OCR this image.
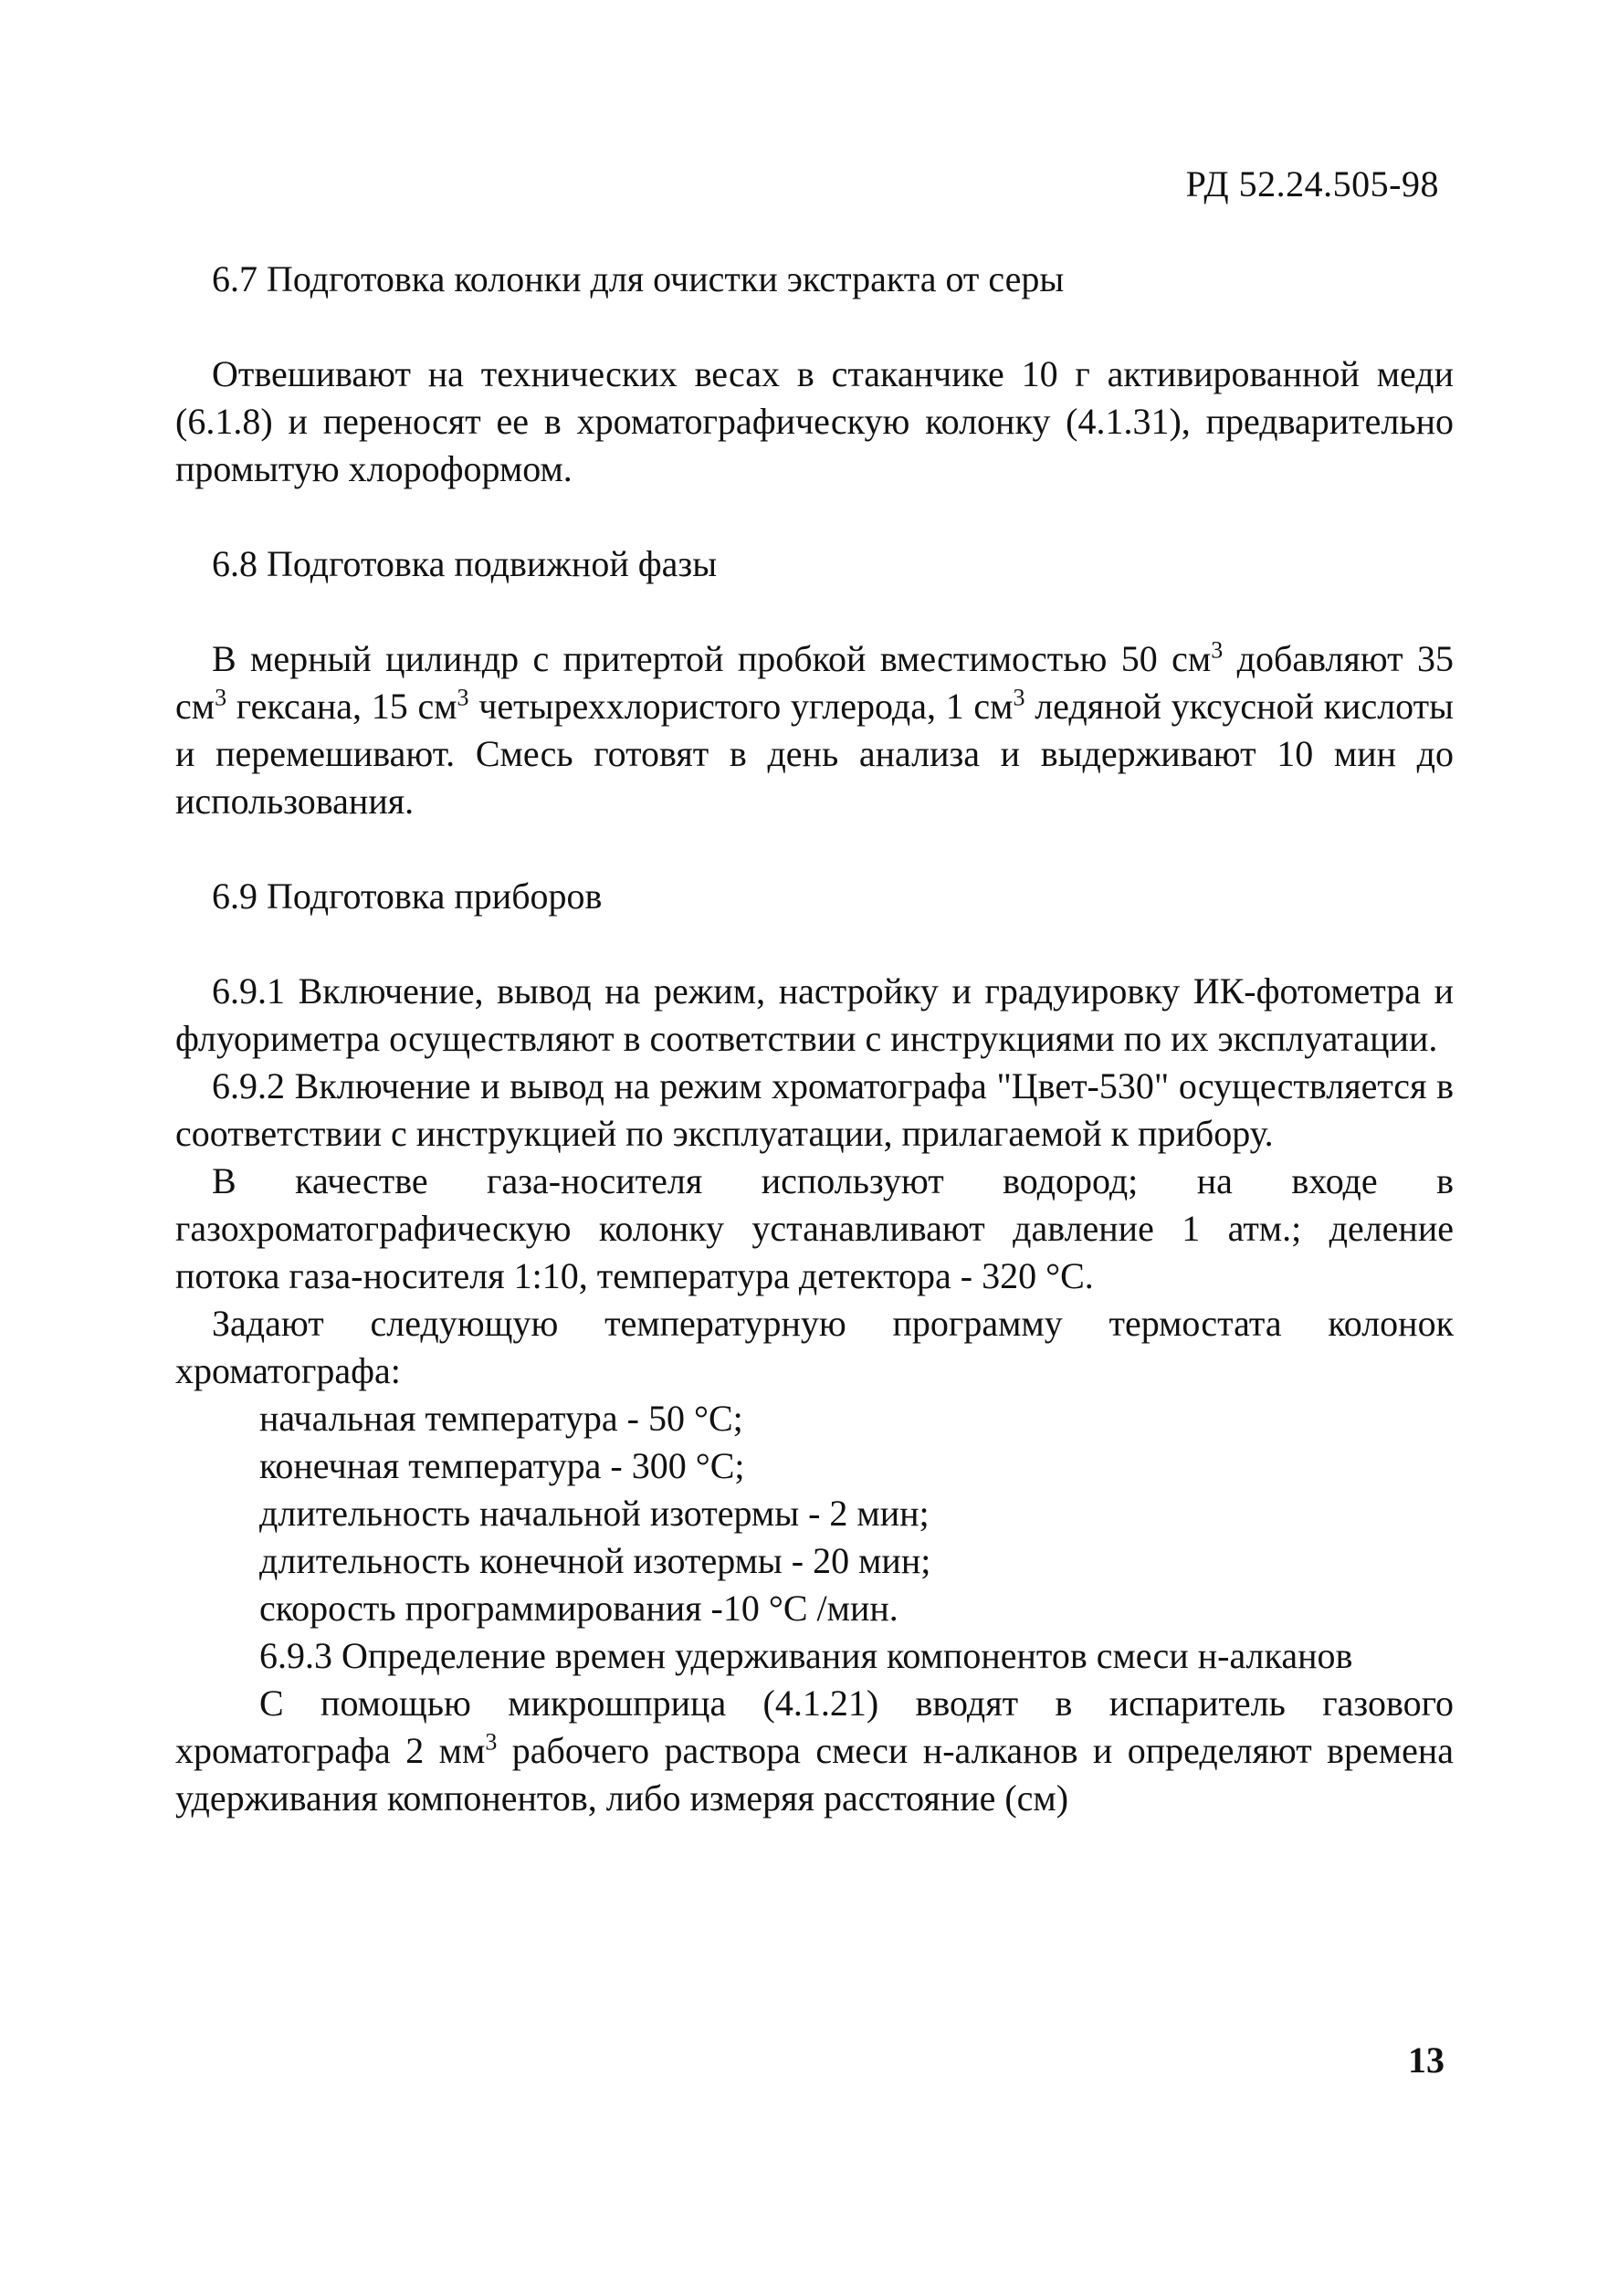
РД 52.24.505-98

6.7 Подготовка колонки для очистки экстракта от серы

Отвешивают на технических весах в стаканчике 10 г активированной меди (6.1.8) и переносят ее в хроматографическую колонку (4.1.31), предварительно промытую хлороформом.

6.8 Подготовка подвижной фазы

В мерный цилиндр с притертой пробкой вместимостью 50 $см^3$ добавляют 35 $см^3$ гексана, 15 $см^3$ четыреххлористого углерода, 1 $см^3$ ледяной уксусной кислоты и перемешивают. Смесь готовят в день анализа и выдерживают 10 мин до использования.

6.9 Подготовка приборов

6.9.1 Включение, вывод на режим, настройку и градуировку ИК-фотометра и флуориметра осуществляют в соответствии с инструкциями по их эксплуатации.

6.9.2 Включение и вывод на режим хроматографа "Цвет-530" осуществляется в соответствии с инструкцией по эксплуатации, прилагаемой к прибору.

В качестве газа-носителя используют водород; на входе в газохроматографическую колонку устанавливают давление 1 атм.; деление потока газа-носителя 1:10, температура детектора - 320 °С.

Задают следующую температурную программу термостата колонок хроматографа:

начальная температура - 50 °С;
конечная температура - 300 °С;
длительность начальной изотермы - 2 мин;
длительность конечной изотермы - 20 мин;
скорость программирования -10 °С /мин.

6.9.3 Определение времен удерживания компонентов смеси н-алканов

С помощью микрошприца (4.1.21) вводят в испаритель газового хроматографа 2 $мм^3$ рабочего раствора смеси н-алканов и определяют времена удерживания компонентов, либо измеряя расстояние (см)

13
